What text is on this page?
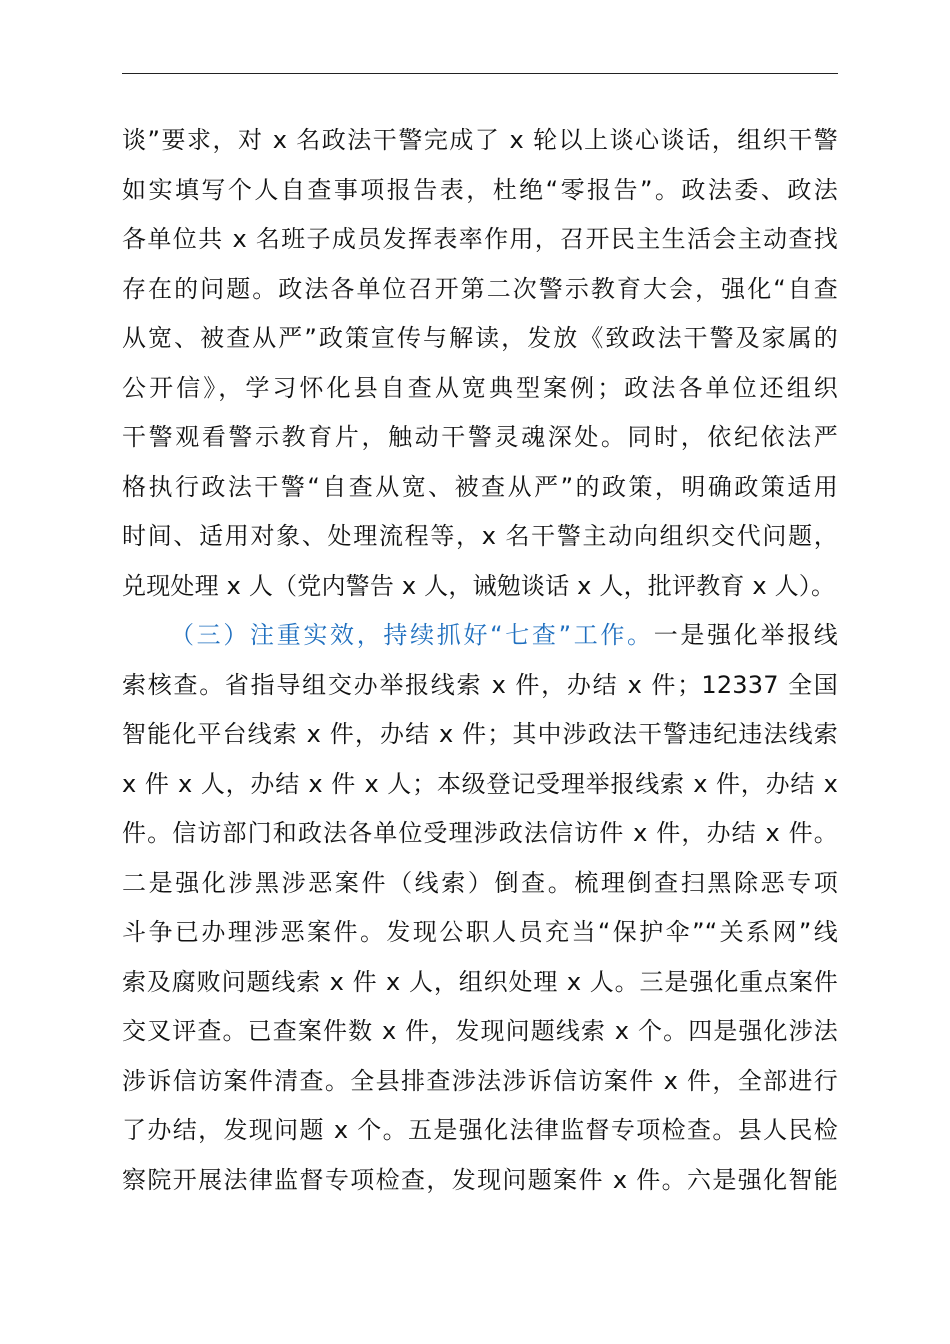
谈”要求，对 x 名政法干警完成了 x 轮以上谈心谈话，组织干警
如实填写个人自查事项报告表，杜绝“零报告”。政法委、政法
各单位共 x 名班子成员发挥表率作用，召开民主生活会主动查找
存在的问题。政法各单位召开第二次警示教育大会，强化“自查
从宽、被查从严”政策宣传与解读，发放《致政法干警及家属的
公开信》，学习怀化县自查从宽典型案例；政法各单位还组织
干警观看警示教育片，触动干警灵魂深处。同时，依纪依法严
格执行政法干警“自查从宽、被查从严”的政策，明确政策适用
时间、适用对象、处理流程等，x 名干警主动向组织交代问题，
兑现处理 x 人（党内警告 x 人，诫勉谈话 x 人，批评教育 x 人）。
（三）注重实效，持续抓好“七查”工作。一是强化举报线
索核查。省指导组交办举报线索 x 件，办结 x 件；12337 全国
智能化平台线索 x 件，办结 x 件；其中涉政法干警违纪违法线索
x 件 x 人，办结 x 件 x 人；本级登记受理举报线索 x 件，办结 x
件。信访部门和政法各单位受理涉政法信访件 x 件，办结 x 件。
二是强化涉黑涉恶案件（线索）倒查。梳理倒查扫黑除恶专项
斗争已办理涉恶案件。发现公职人员充当“保护伞”“关系网”线
索及腐败问题线索 x 件 x 人，组织处理 x 人。三是强化重点案件
交叉评查。已查案件数 x 件，发现问题线索 x 个。四是强化涉法
涉诉信访案件清查。全县排查涉法涉诉信访案件 x 件，全部进行
了办结，发现问题 x 个。五是强化法律监督专项检查。县人民检
察院开展法律监督专项检查，发现问题案件 x 件。六是强化智能
